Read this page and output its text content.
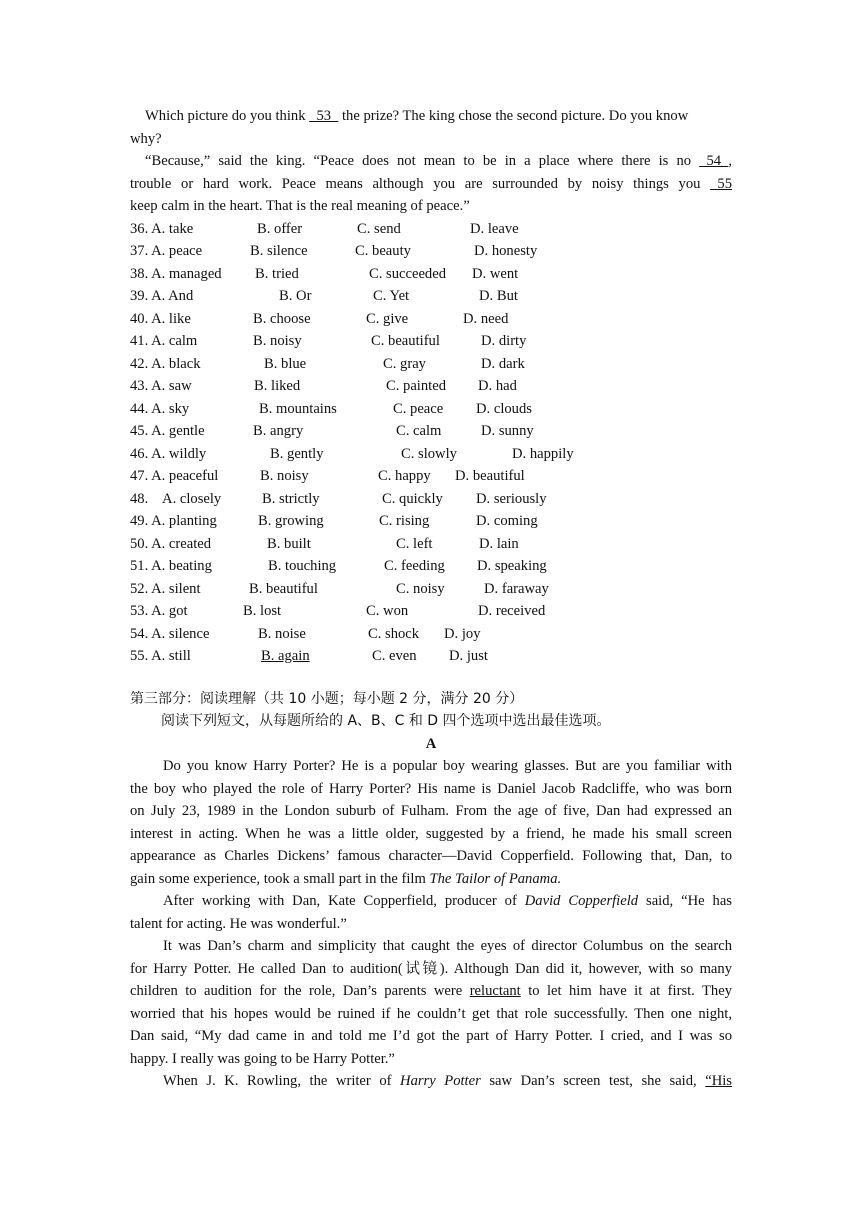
Which picture do you think   53   the prize? The king chose the second picture. Do you know
why?
“Because,” said the king. “Peace does not mean to be in a place where there is no   54  ,
trouble or hard work. Peace means although you are surrounded by noisy things you   55
keep calm in the heart. That is the real meaning of peace.”
36. A. take	B. offer	C. send	D. leave
37. A. peace	B. silence	C. beauty	D. honesty
38. A. managed B. tried	C. succeeded D. went
39. A. And	B. Or	C. Yet	D. But
40. A. like	B. choose	C. give	D. need
41. A. calm	B. noisy	C. beautiful	D. dirty
42. A. black	B. blue	C. gray	D. dark
43. A. saw	B. liked	C. painted D. had
44. A. sky	B. mountains	C. peace D. clouds
45. A. gentle	B. angry	C. calm	D. sunny
46. A. wildly	B. gently	C. slowly	D. happily
47. A. peaceful	B. noisy	C. happy D. beautiful
48.    A. closely	B. strictly	C. quickly D. seriously
49. A. planting	B. growing	C. rising	D. coming
50. A. created	B. built	C. left	D. lain
51. A. beating	B. touching	C. feeding D. speaking
52. A. silent	B. beautiful	C. noisy	D. faraway
53. A. got	B. lost	C. won	D. received
54. A. silence	B. noise	C. shock D. joy
55. A. still	B. again	C. even D. just
第三部分：阅读理解（共 10 小题；每小题 2 分，满分 20 分）
阅读下列短文，从每题所给的 A、B、C 和 D 四个选项中选出最佳选项。
A
Do you know Harry Porter? He is a popular boy wearing glasses. But are you familiar with
the boy who played the role of Harry Porter? His name is Daniel Jacob Radcliffe, who was born
on July 23, 1989 in the London suburb of Fulham. From the age of five, Dan had expressed an
interest in acting. When he was a little older, suggested by a friend, he made his small screen
appearance as Charles Dickens’ famous character—David Copperfield. Following that, Dan, to
gain some experience, took a small part in the film The Tailor of Panama.
After working with Dan, Kate Copperfield, producer of David Copperfield said, “He has
talent for acting. He was wonderful.”
It was Dan’s charm and simplicity that caught the eyes of director Columbus on the search
for Harry Potter. He called Dan to audition(试镜). Although Dan did it, however, with so many
children to audition for the role, Dan’s parents were reluctant to let him have it at first. They
worried that his hopes would be ruined if he couldn’t get that role successfully. Then one night,
Dan said, “My dad came in and told me I’d got the part of Harry Potter. I cried, and I was so
happy. I really was going to be Harry Potter.”
When J. K. Rowling, the writer of Harry Potter saw Dan’s screen test, she said, “His
